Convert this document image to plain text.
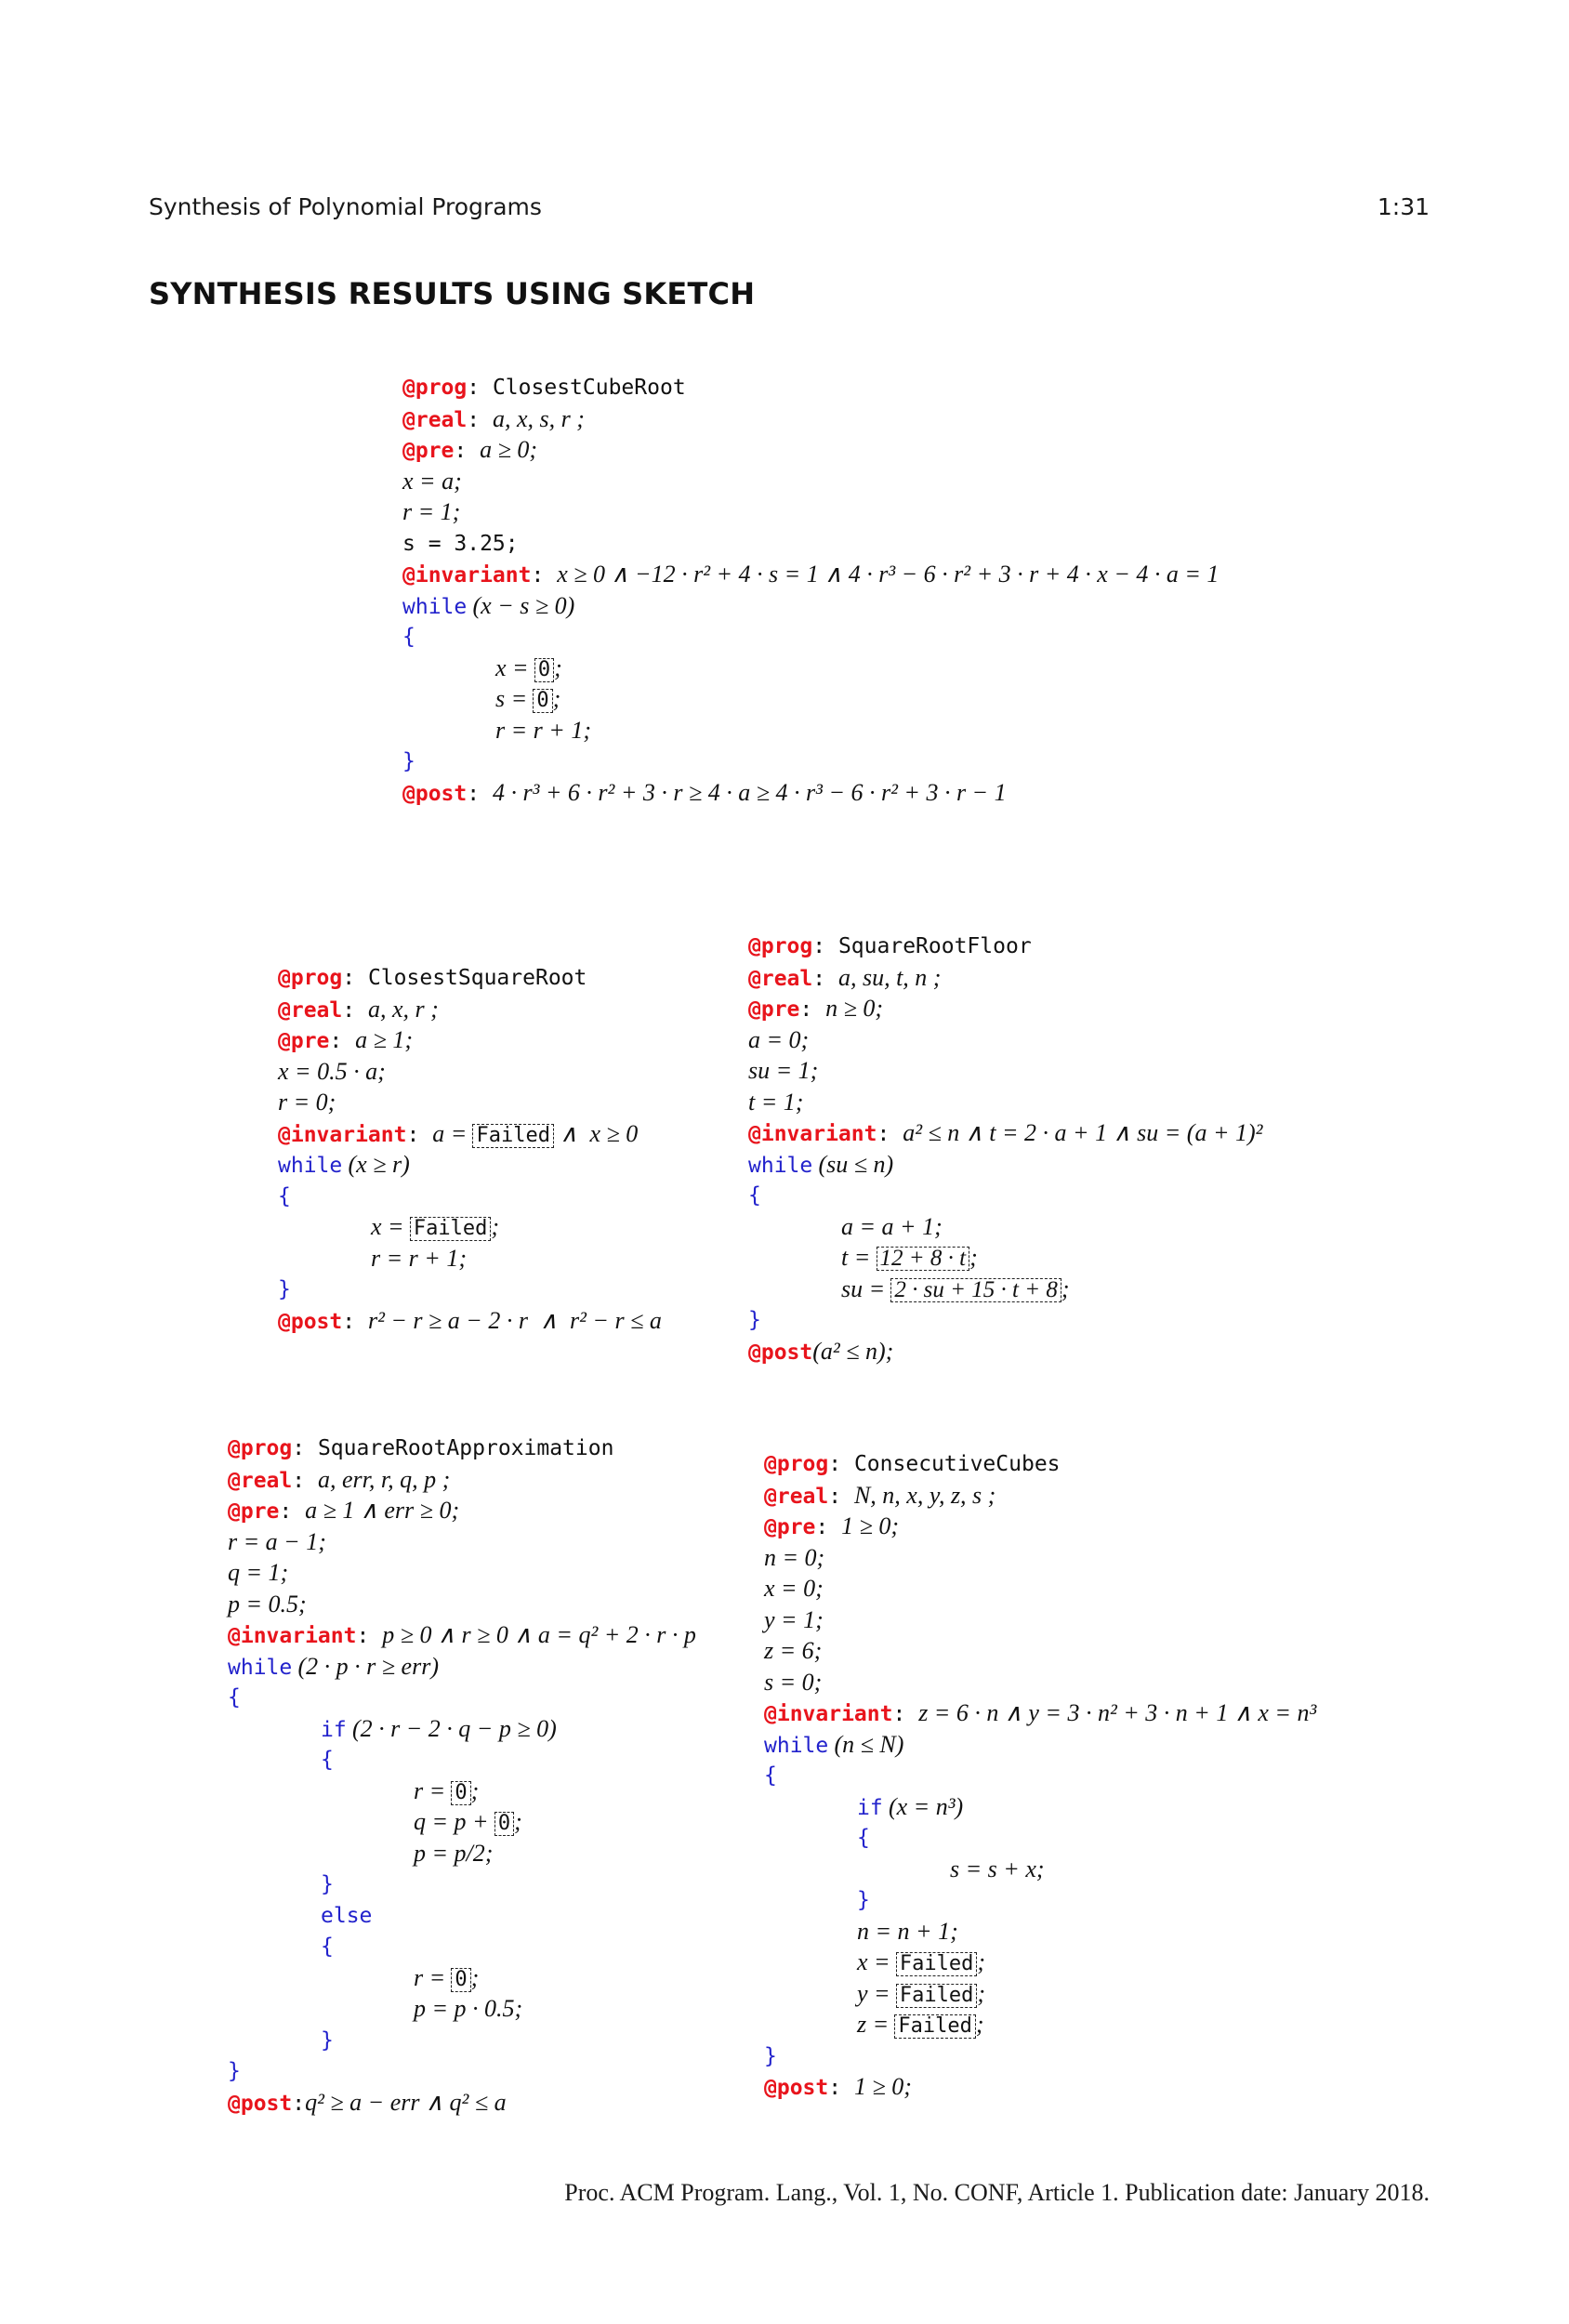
Synthesis of Polynomial Programs	1:31
SYNTHESIS RESULTS USING SKETCH
@prog: ClosestCubeRoot
@real: a, x, s, r ;
@pre: a ≥ 0;
x = a;
r = 1;
s = 3.25;
@invariant: x ≥ 0 ∧ −12 · r² + 4 · s = 1 ∧ 4 · r³ − 6 · r² + 3 · r + 4 · x − 4 · a = 1
while (x − s ≥ 0)
{
x = 0 ;
s = 0 ;
r = r + 1;
}
@post: 4 · r³ + 6 · r² + 3 · r ≥ 4 · a ≥ 4 · r³ − 6 · r² + 3 · r − 1
@prog: ClosestSquareRoot
@real: a, x, r ;
@pre: a ≥ 1;
x = 0.5 · a;
r = 0;
@invariant: a = Failed ∧  x ≥ 0
while (x ≥ r)
{
x = Failed ;
r = r + 1;
}
@post: r² − r ≥ a − 2 · r  ∧  r² − r ≤ a
@prog: SquareRootFloor
@real: a, su, t, n ;
@pre: n ≥ 0;
a = 0;
su = 1;
t = 1;
@invariant: a² ≤ n ∧ t = 2 · a + 1 ∧ su = (a + 1)²
while (su ≤ n)
{
a = a + 1;
t = 12 + 8 · t ;
su = 2 · su + 15 · t + 8 ;
}
@post(a² ≤ n);
@prog: SquareRootApproximation
@real: a, err, r, q, p ;
@pre: a ≥ 1 ∧ err ≥ 0;
r = a − 1;
q = 1;
p = 0.5;
@invariant: p ≥ 0 ∧ r ≥ 0 ∧ a = q² + 2 · r · p
while (2 · p · r ≥ err)
{
if (2 · r − 2 · q − p ≥ 0)
{
r = 0 ;
q = p + 0 ;
p = p/2;
}
else
{
r = 0 ;
p = p · 0.5;
}
}
@post:q² ≥ a − err ∧ q² ≤ a
@prog: ConsecutiveCubes
@real: N, n, x, y, z, s ;
@pre: 1 ≥ 0;
n = 0;
x = 0;
y = 1;
z = 6;
s = 0;
@invariant: z = 6 · n ∧ y = 3 · n² + 3 · n + 1 ∧ x = n³
while (n ≤ N)
{
if (x = n³)
{
s = s + x;
}
n = n + 1;
x = Failed ;
y = Failed ;
z = Failed ;
}
@post: 1 ≥ 0;
Proc. ACM Program. Lang., Vol. 1, No. CONF, Article 1. Publication date: January 2018.
